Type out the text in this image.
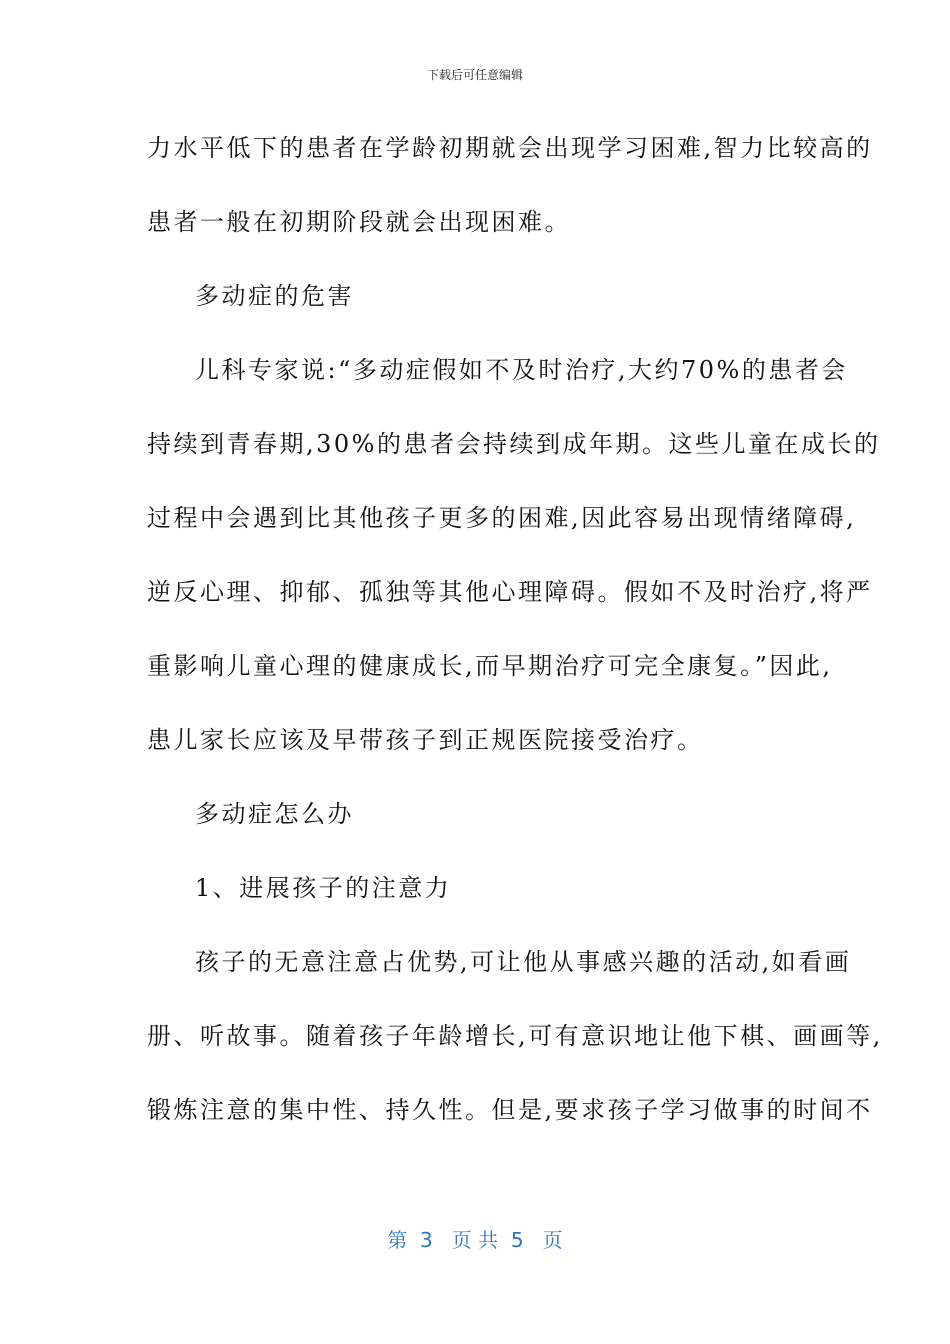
下载后可任意编辑
力水平低下的患者在学龄初期就会出现学习困难,智力比较高的
患者一般在初期阶段就会出现困难。
多动症的危害
儿科专家说:“多动症假如不及时治疗,大约70%的患者会
持续到青春期,30%的患者会持续到成年期。这些儿童在成长的
过程中会遇到比其他孩子更多的困难,因此容易出现情绪障碍,
逆反心理、抑郁、孤独等其他心理障碍。假如不及时治疗,将严
重影响儿童心理的健康成长,而早期治疗可完全康复。”因此,
患儿家长应该及早带孩子到正规医院接受治疗。
多动症怎么办
1、进展孩子的注意力
孩子的无意注意占优势,可让他从事感兴趣的活动,如看画
册、听故事。随着孩子年龄增长,可有意识地让他下棋、画画等,
锻炼注意的集中性、持久性。但是,要求孩子学习做事的时间不
第  3   页 共  5   页
